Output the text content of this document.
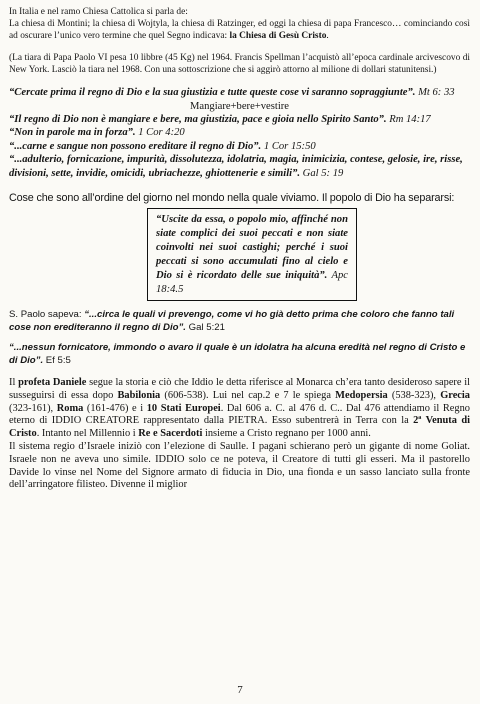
In Italia e nel ramo Chiesa Cattolica si parla de:

La chiesa di Montini; la chiesa di Wojtyla, la chiesa di Ratzinger, ed oggi la chiesa di papa Francesco… cominciando così ad oscurare l’unico vero termine che quel Segno indicava: la Chiesa di Gesù Cristo.

(La tiara di Papa Paolo VI pesa 10 libbre (45 Kg) nel 1964. Francis Spellman l’acquistò all’epoca cardinale arcivescovo di New York. Lasciò la tiara nel 1968. Con una sottoscrizione che si aggirò attorno al milione di dollari statunitensi.)

“Cercate prima il regno di Dio e la sua giustizia e tutte queste cose vi saranno sopraggiunte”. Mt 6: 33

Mangiare+bere+vestire

“Il regno di Dio non è mangiare e bere, ma giustizia, pace e gioia nello Spirito Santo”. Rm 14:17

“Non in parole ma in forza”. 1 Cor 4:20

“...carne e sangue non possono ereditare il regno di Dio”. 1 Cor 15:50

“...adulterio, fornicazione, impurità, dissolutezza, idolatria, magia, inimicizia, contese, gelosie, ire, risse, divisioni, sette, invidie, omicidi, ubriachezze, ghiottenerie e simili”. Gal 5: 19

Cose che sono all’ordine del giorno nel mondo nella quale viviamo. Il popolo di Dio ha separarsi:

“Uscite da essa, o popolo mio, affinché non siate complici dei suoi peccati e non siate coinvolti nei suoi castighi; perché i suoi peccati si sono accumulati fino al cielo e Dio si è ricordato delle sue iniquità”. Apc 18:4.5

S. Paolo sapeva: “...circa le quali vi prevengo, come vi ho già detto prima che coloro che fanno tali cose non erediteranno il regno di Dio”. Gal 5:21

“...nessun fornicatore, immondo o avaro il quale è un idolatra ha alcuna eredità nel regno di Cristo e di Dio”. Ef 5:5

Il profeta Daniele segue la storia e ciò che Iddio le detta riferisce al Monarca ch’era tanto desideroso sapere il susseguirsi di essa dopo Babilonia (606-538). Lui nel cap.2 e 7 le spiega Medopersia (538-323), Grecia (323-161), Roma (161-476) e i 10 Stati Europei. Dal 606 a. C. al 476 d. C.. Dal 476 attendiamo il Regno eterno di IDDIO CREATORE rappresentato dalla PIETRA. Esso subentrerà in Terra con la 2ª Venuta di Cristo. Intanto nel Millennio i Re e Sacerdoti insieme a Cristo regnano per 1000 anni.

Il sistema regio d’Israele iniziò con l’elezione di Saulle. I pagani schierano però un gigante di nome Goliat. Israele non ne aveva uno simile. IDDIO solo ce ne poteva, il Creatore di tutti gli esseri. Ma il pastorello Davide lo vinse nel Nome del Signore armato di fiducia in Dio, una fionda e un sasso lanciato sulla fronte dell’arringatore filisteo. Divenne il miglior

7
